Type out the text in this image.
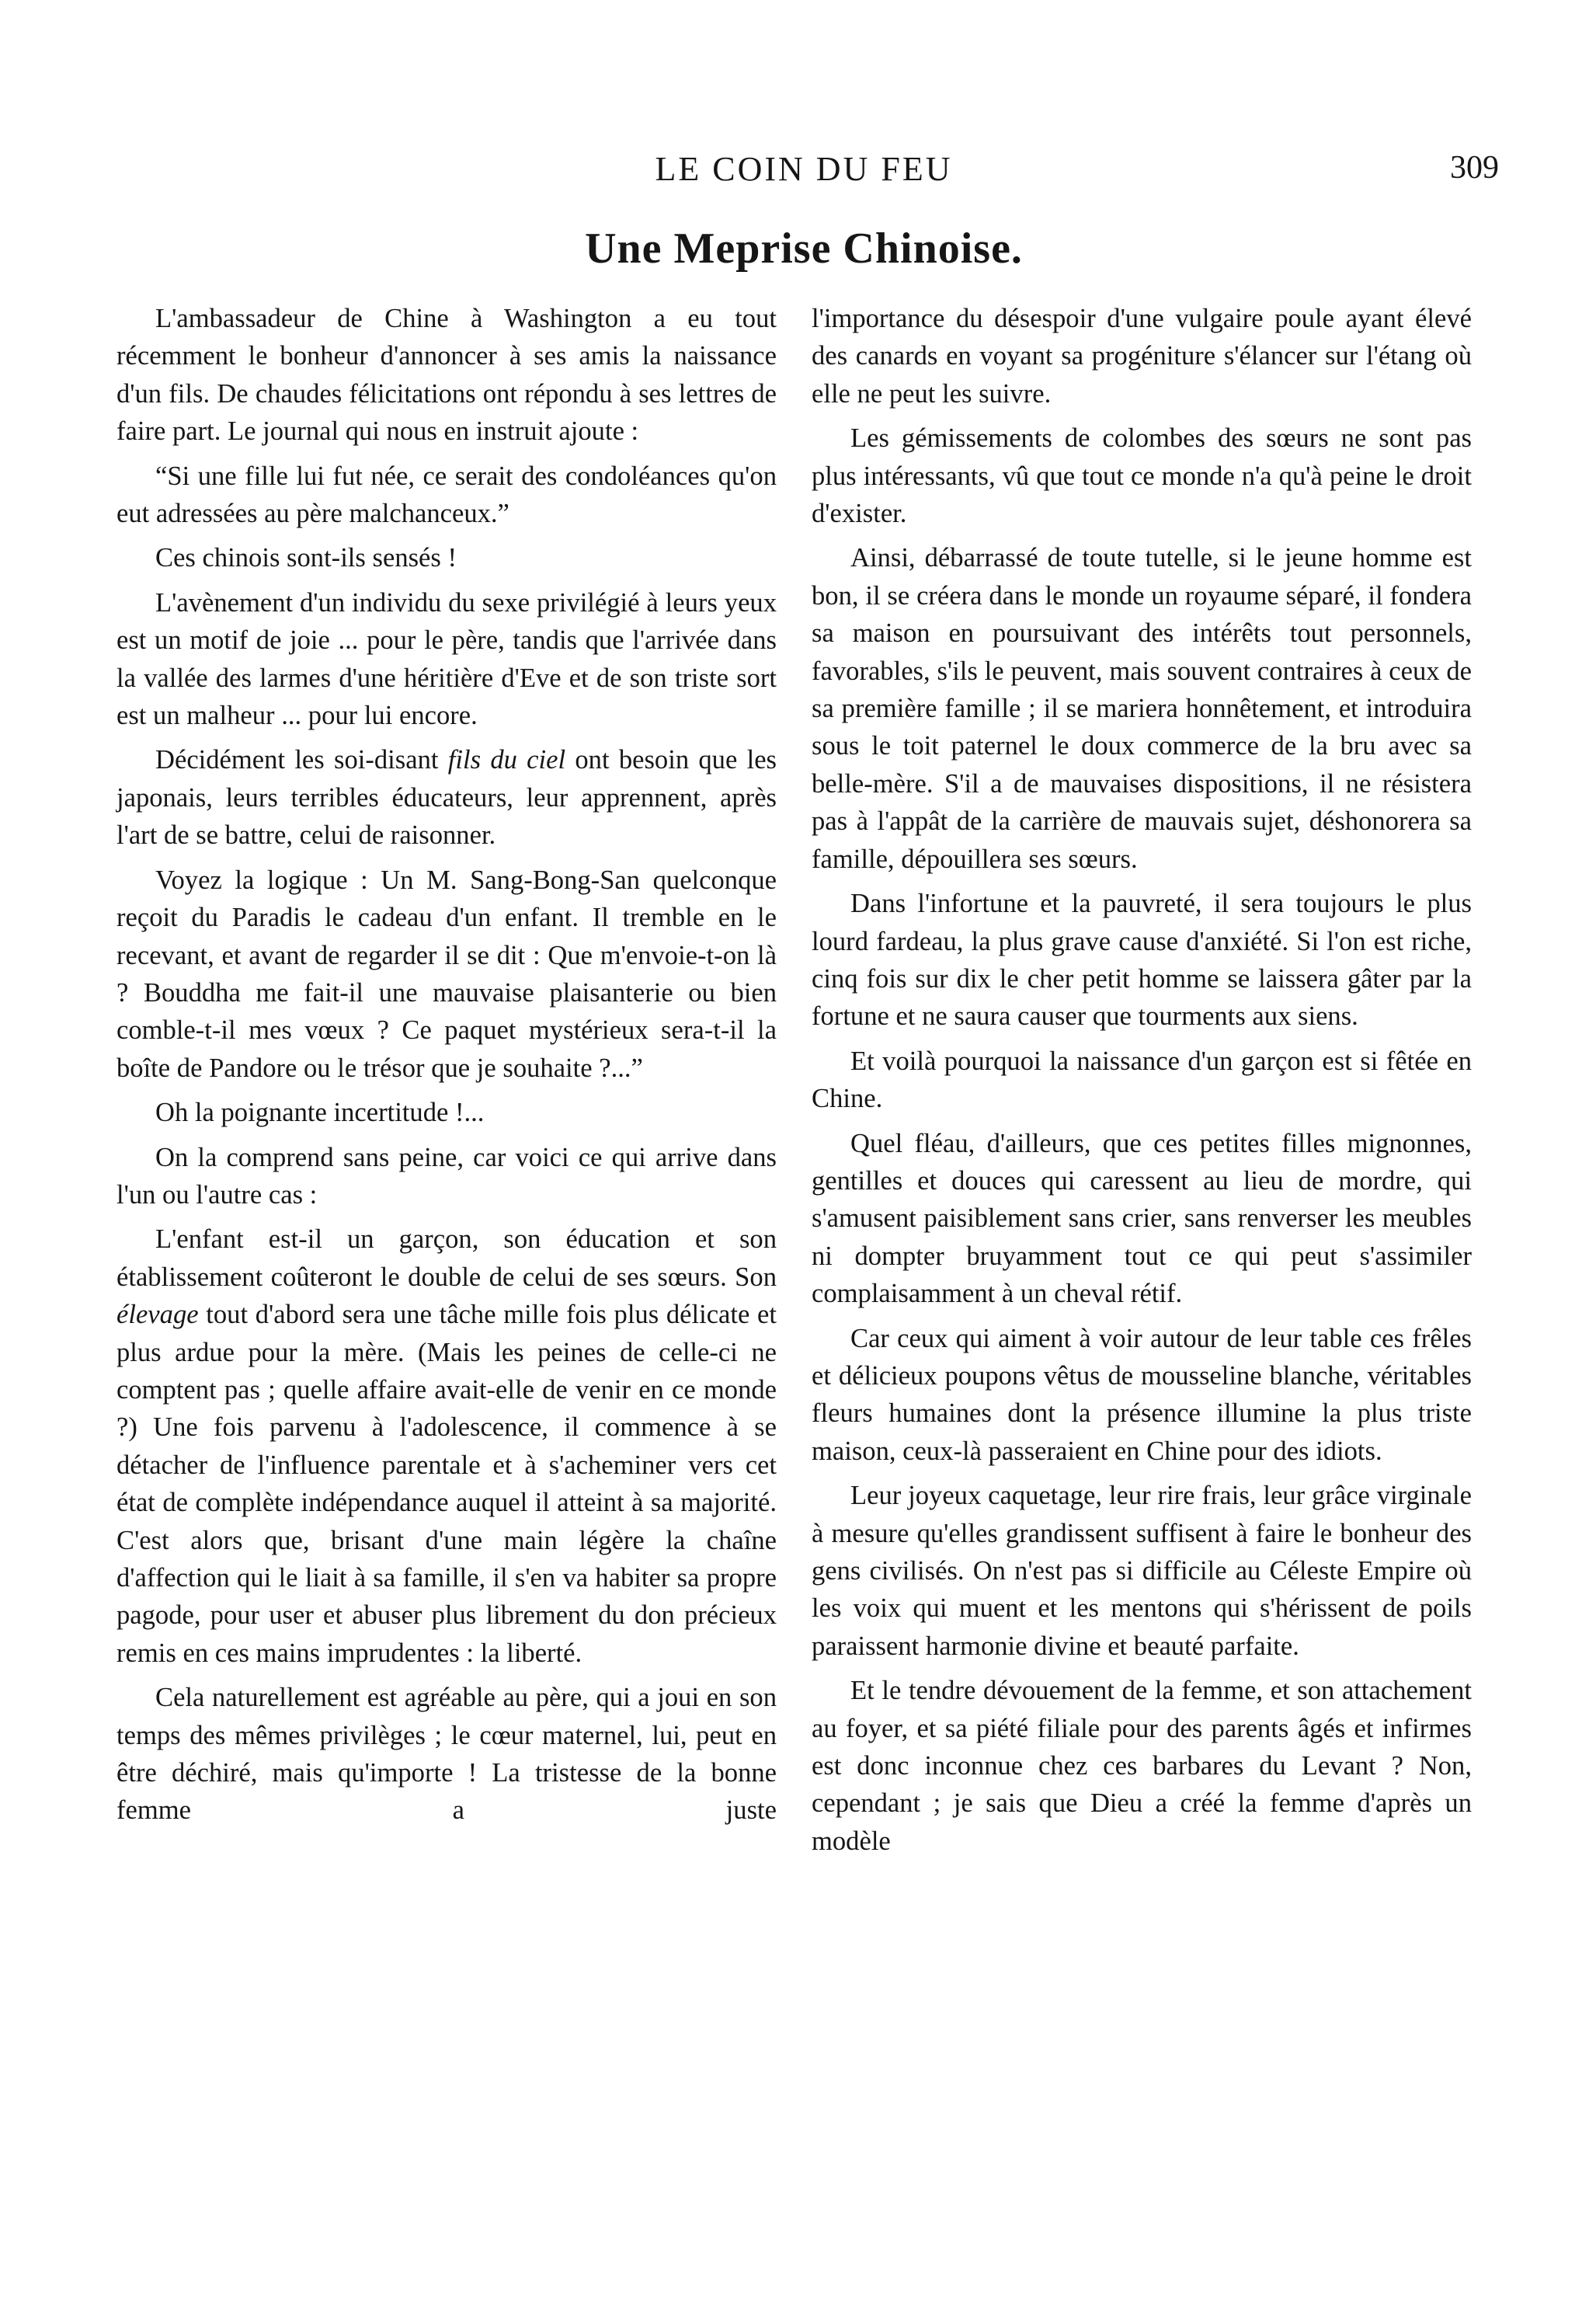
LE COIN DU FEU	309
Une Meprise Chinoise.

L'ambassadeur de Chine à Washington a eu tout récemment le bonheur d'annoncer à ses amis la naissance d'un fils. De chaudes félicitations ont répondu à ses lettres de faire part. Le journal qui nous en instruit ajoute :

“Si une fille lui fut née, ce serait des condoléances qu'on eut adressées au père malchanceux.”

Ces chinois sont-ils sensés !

L'avènement d'un individu du sexe privilégié à leurs yeux est un motif de joie ... pour le père, tandis que l'arrivée dans la vallée des larmes d'une héritière d'Eve et de son triste sort est un malheur ... pour lui encore.

Décidément les soi-disant fils du ciel ont besoin que les japonais, leurs terribles éducateurs, leur apprennent, après l'art de se battre, celui de raisonner.

Voyez la logique : Un M. Sang-Bong-San quelconque reçoit du Paradis le cadeau d'un enfant. Il tremble en le recevant, et avant de regarder il se dit : Que m'envoie-t-on là ? Bouddha me fait-il une mauvaise plaisanterie ou bien comble-t-il mes vœux ? Ce paquet mystérieux sera-t-il la boîte de Pandore ou le trésor que je souhaite ?...”

Oh la poignante incertitude !...

On la comprend sans peine, car voici ce qui arrive dans l'un ou l'autre cas :

L'enfant est-il un garçon, son éducation et son établissement coûteront le double de celui de ses sœurs. Son élevage tout d'abord sera une tâche mille fois plus délicate et plus ardue pour la mère. (Mais les peines de celle-ci ne comptent pas ; quelle affaire avait-elle de venir en ce monde ?) Une fois parvenu à l'adolescence, il commence à se détacher de l'influence parentale et à s'acheminer vers cet état de complète indépendance auquel il atteint à sa majorité. C'est alors que, brisant d'une main légère la chaîne d'affection qui le liait à sa famille, il s'en va habiter sa propre pagode, pour user et abuser plus librement du don précieux remis en ces mains imprudentes : la liberté.

Cela naturellement est agréable au père, qui a joui en son temps des mêmes privilèges ; le cœur maternel, lui, peut en être déchiré, mais qu'importe ! La tristesse de la bonne femme a juste

l'importance du désespoir d'une vulgaire poule ayant élevé des canards en voyant sa progéniture s'élancer sur l'étang où elle ne peut les suivre.

Les gémissements de colombes des sœurs ne sont pas plus intéressants, vû que tout ce monde n'a qu'à peine le droit d'exister.

Ainsi, débarrassé de toute tutelle, si le jeune homme est bon, il se créera dans le monde un royaume séparé, il fondera sa maison en poursuivant des intérêts tout personnels, favorables, s'ils le peuvent, mais souvent contraires à ceux de sa première famille ; il se mariera honnêtement, et introduira sous le toit paternel le doux commerce de la bru avec sa belle-mère. S'il a de mauvaises dispositions, il ne résistera pas à l'appât de la carrière de mauvais sujet, déshonorera sa famille, dépouillera ses sœurs.

Dans l'infortune et la pauvreté, il sera toujours le plus lourd fardeau, la plus grave cause d'anxiété. Si l'on est riche, cinq fois sur dix le cher petit homme se laissera gâter par la fortune et ne saura causer que tourments aux siens.

Et voilà pourquoi la naissance d'un garçon est si fêtée en Chine.

Quel fléau, d'ailleurs, que ces petites filles mignonnes, gentilles et douces qui caressent au lieu de mordre, qui s'amusent paisiblement sans crier, sans renverser les meubles ni dompter bruyamment tout ce qui peut s'assimiler complaisamment à un cheval rétif.

Car ceux qui aiment à voir autour de leur table ces frêles et délicieux poupons vêtus de mousseline blanche, véritables fleurs humaines dont la présence illumine la plus triste maison, ceux-là passeraient en Chine pour des idiots.

Leur joyeux caquetage, leur rire frais, leur grâce virginale à mesure qu'elles grandissent suffisent à faire le bonheur des gens civilisés. On n'est pas si difficile au Céleste Empire où les voix qui muent et les mentons qui s'hérissent de poils paraissent harmonie divine et beauté parfaite.

Et le tendre dévouement de la femme, et son attachement au foyer, et sa piété filiale pour des parents âgés et infirmes est donc inconnue chez ces barbares du Levant ? Non, cependant ; je sais que Dieu a créé la femme d'après un modèle
